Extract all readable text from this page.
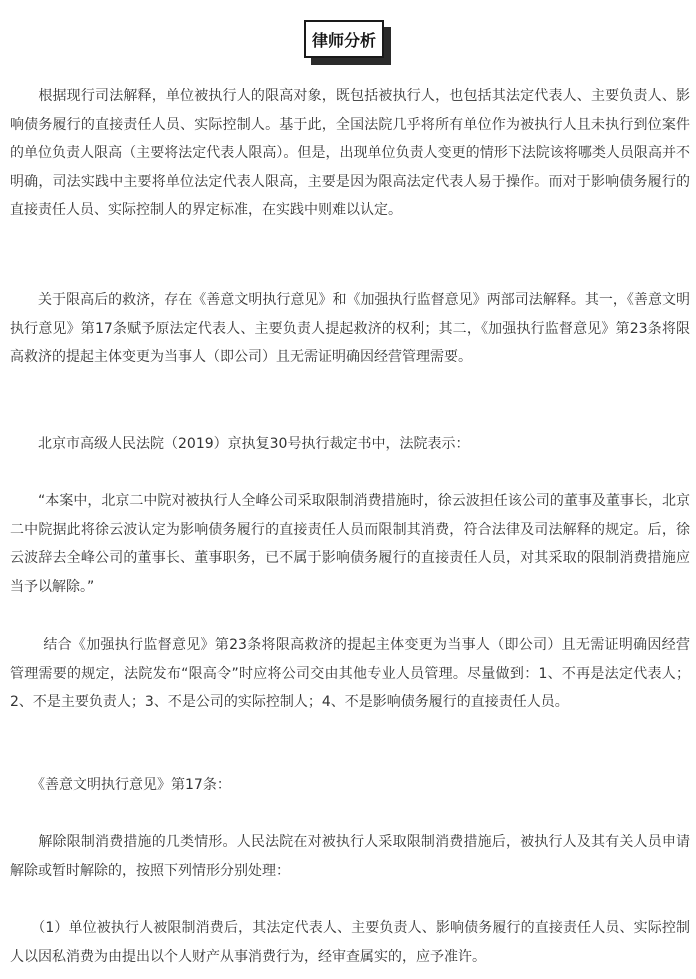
律师分析

　　根据现行司法解释，单位被执行人的限高对象，既包括被执行人，也包括其法定代表人、主要负责人、影响债务履行的直接责任人员、实际控制人。基于此，全国法院几乎将所有单位作为被执行人且未执行到位案件的单位负责人限高（主要将法定代表人限高）。但是，出现单位负责人变更的情形下法院该将哪类人员限高并不明确，司法实践中主要将单位法定代表人限高，主要是因为限高法定代表人易于操作。而对于影响债务履行的直接责任人员、实际控制人的界定标准，在实践中则难以认定。

　　关于限高后的救济，存在《善意文明执行意见》和《加强执行监督意见》两部司法解释。其一，《善意文明执行意见》第17条赋予原法定代表人、主要负责人提起救济的权利；其二，《加强执行监督意见》第23条将限高救济的提起主体变更为当事人（即公司）且无需证明确因经营管理需要。

　　北京市高级人民法院（2019）京执复30号执行裁定书中，法院表示：

　　“本案中，北京二中院对被执行人全峰公司采取限制消费措施时，徐云波担任该公司的董事及董事长，北京二中院据此将徐云波认定为影响债务履行的直接责任人员而限制其消费，符合法律及司法解释的规定。后，徐云波辞去全峰公司的董事长、董事职务，已不属于影响债务履行的直接责任人员，对其采取的限制消费措施应当予以解除。”

　　 结合《加强执行监督意见》第23条将限高救济的提起主体变更为当事人（即公司）且无需证明确因经营管理需要的规定，法院发布“限高令”时应将公司交由其他专业人员管理。尽量做到：1、不再是法定代表人；2、不是主要负责人；3、不是公司的实际控制人；4、不是影响债务履行的直接责任人员。

　　《善意文明执行意见》第17条：

　　解除限制消费措施的几类情形。人民法院在对被执行人采取限制消费措施后，被执行人及其有关人员申请解除或暂时解除的，按照下列情形分别处理：

　　（1）单位被执行人被限制消费后，其法定代表人、主要负责人、影响债务履行的直接责任人员、实际控制人以因私消费为由提出以个人财产从事消费行为，经审查属实的，应予准许。
